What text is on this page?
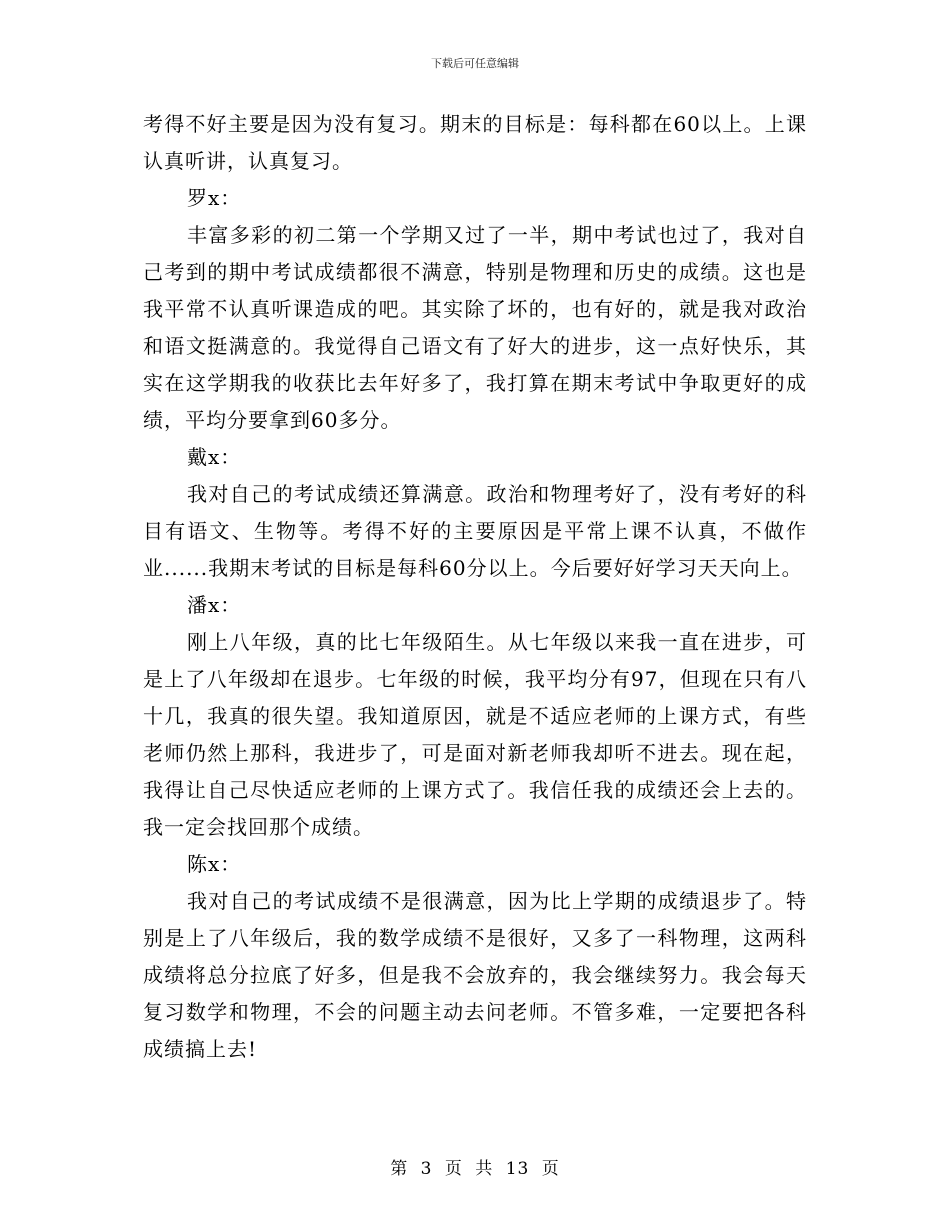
下载后可任意编辑

考得不好主要是因为没有复习。期末的目标是：每科都在60以上。上课认真听讲，认真复习。

罗x：

丰富多彩的初二第一个学期又过了一半，期中考试也过了，我对自己考到的期中考试成绩都很不满意，特别是物理和历史的成绩。这也是我平常不认真听课造成的吧。其实除了坏的，也有好的，就是我对政治和语文挺满意的。我觉得自己语文有了好大的进步，这一点好快乐，其实在这学期我的收获比去年好多了，我打算在期末考试中争取更好的成绩，平均分要拿到60多分。

戴x：

我对自己的考试成绩还算满意。政治和物理考好了，没有考好的科目有语文、生物等。考得不好的主要原因是平常上课不认真，不做作业......我期末考试的目标是每科60分以上。今后要好好学习天天向上。

潘x：

刚上八年级，真的比七年级陌生。从七年级以来我一直在进步，可是上了八年级却在退步。七年级的时候，我平均分有97，但现在只有八十几，我真的很失望。我知道原因，就是不适应老师的上课方式，有些老师仍然上那科，我进步了，可是面对新老师我却听不进去。现在起，我得让自己尽快适应老师的上课方式了。我信任我的成绩还会上去的。我一定会找回那个成绩。

陈x：

我对自己的考试成绩不是很满意，因为比上学期的成绩退步了。特别是上了八年级后，我的数学成绩不是很好，又多了一科物理，这两科成绩将总分拉底了好多，但是我不会放弃的，我会继续努力。我会每天复习数学和物理，不会的问题主动去问老师。不管多难，一定要把各科成绩搞上去!

第 3 页 共 13 页
